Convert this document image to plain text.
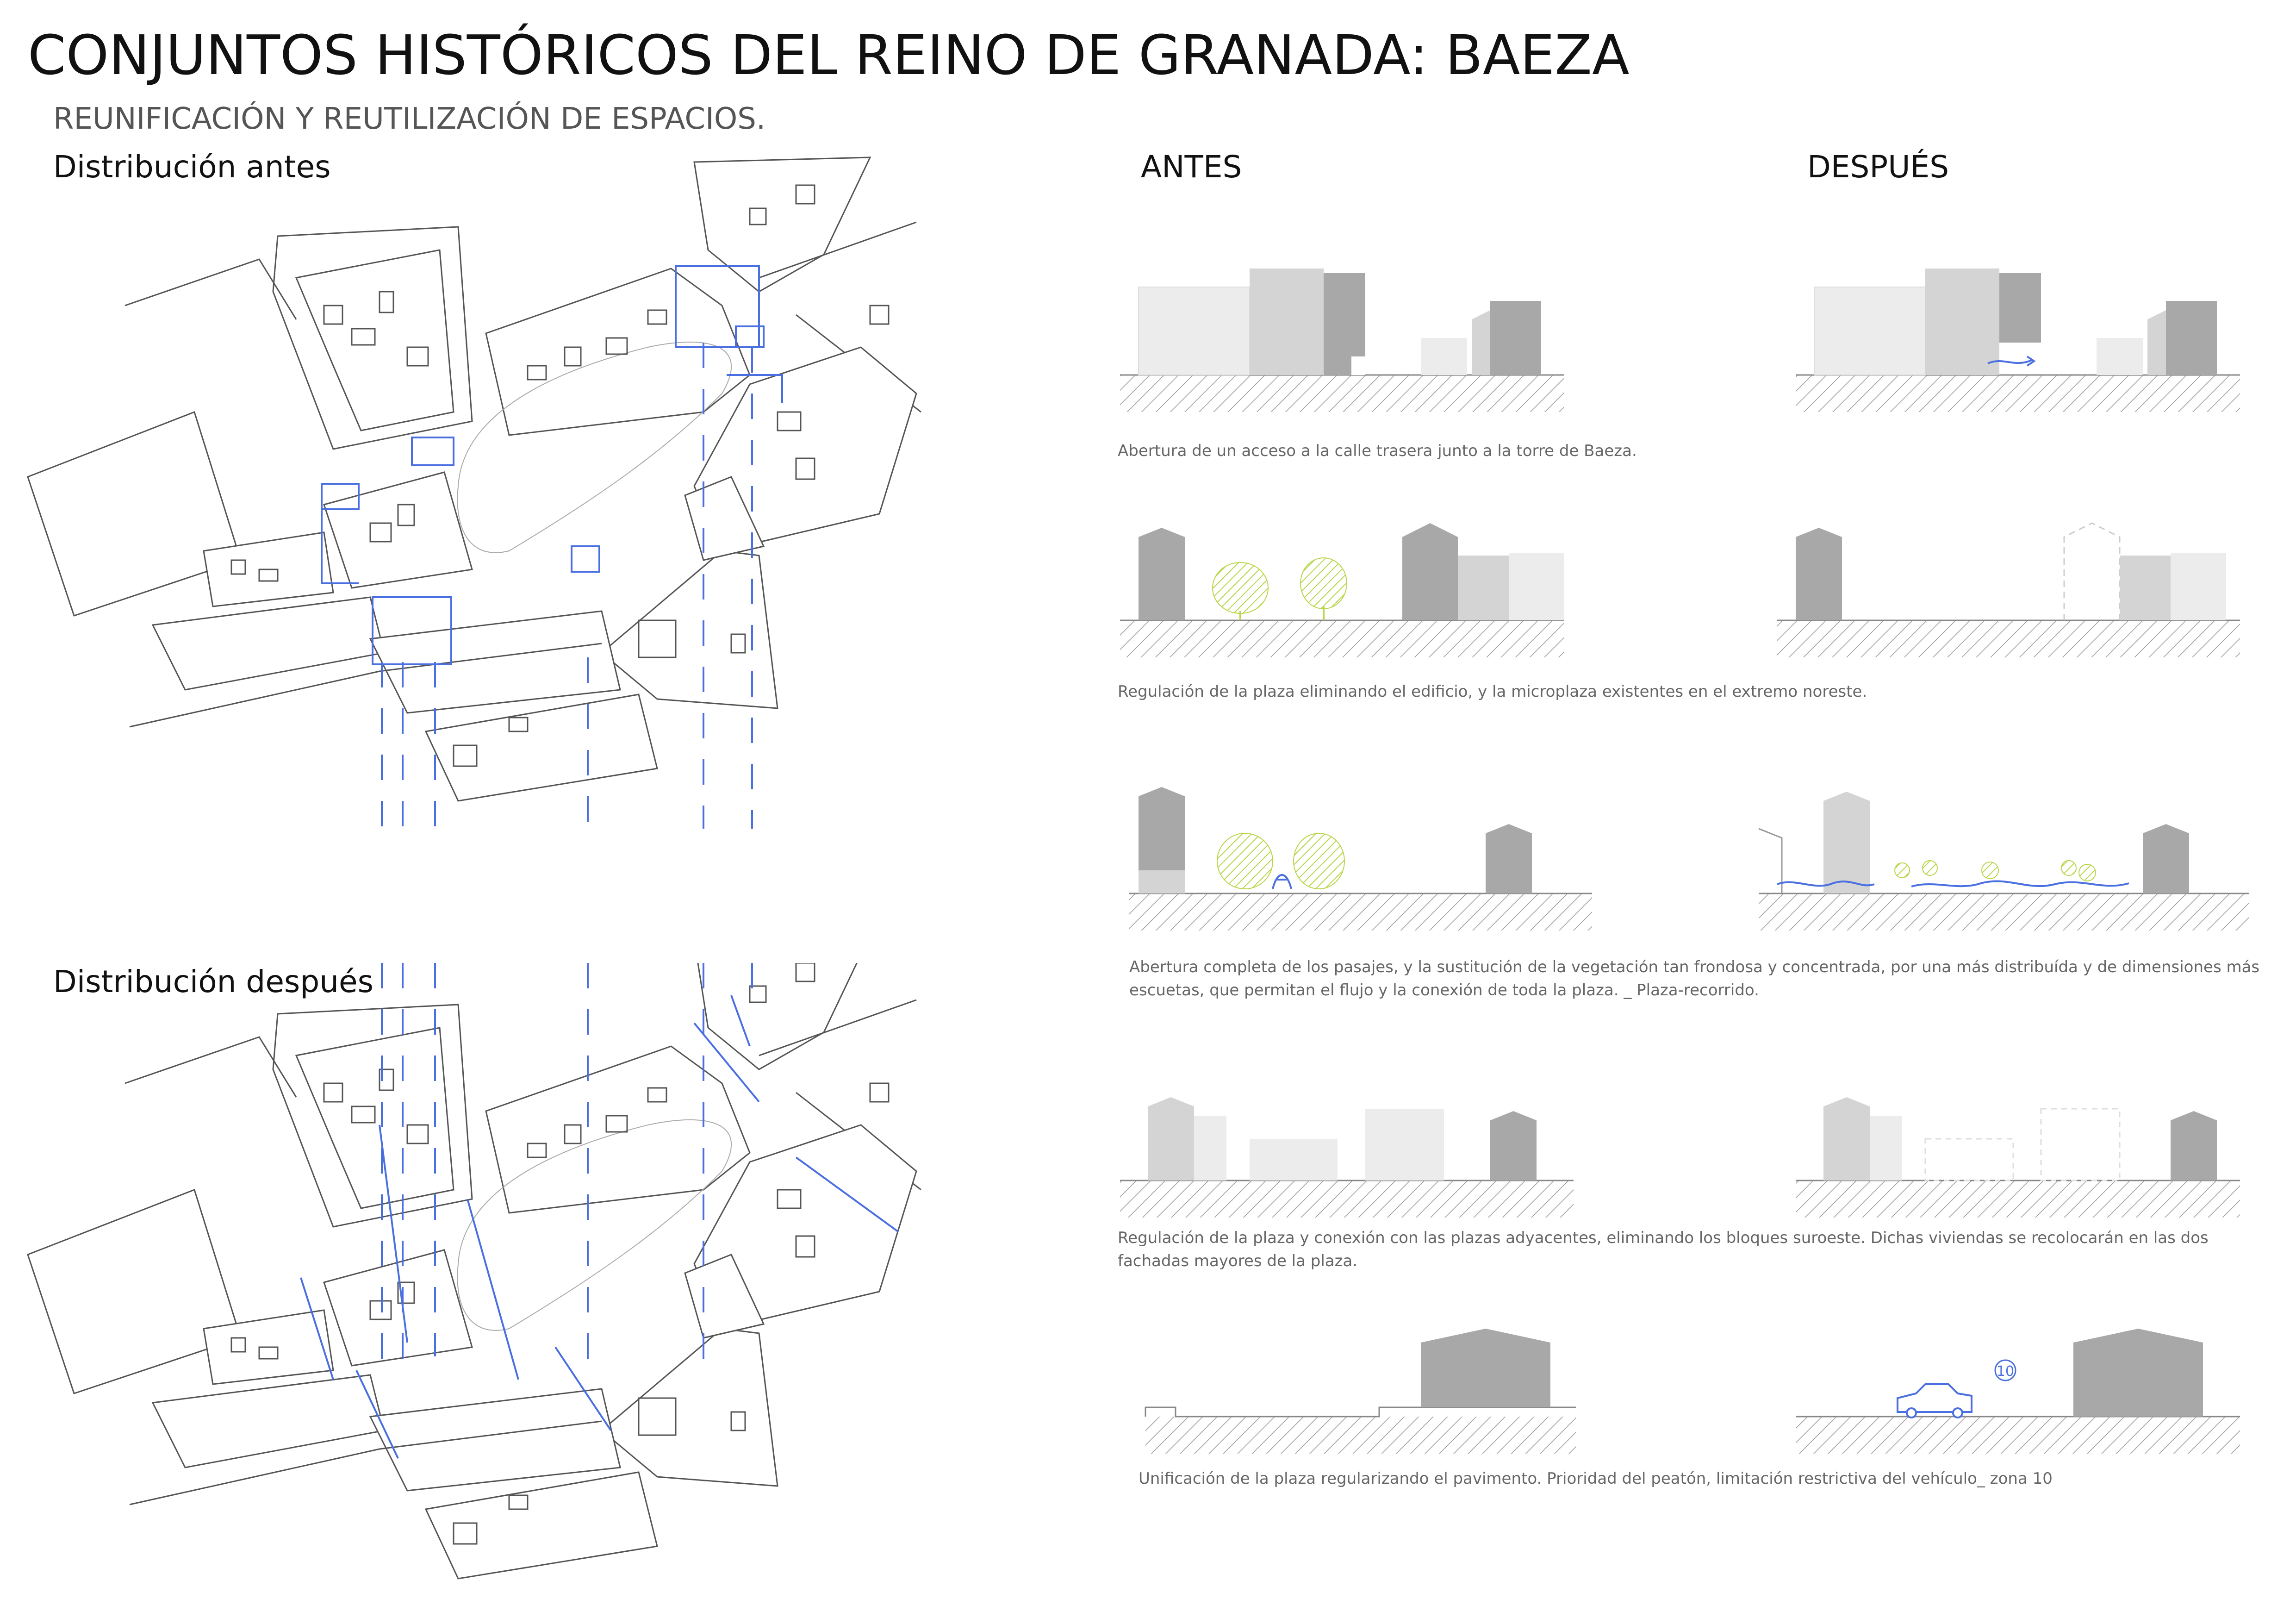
CONJUNTOS HISTÓRICOS DEL REINO DE GRANADA: BAEZA
REUNIFICACIÓN Y REUTILIZACIÓN DE ESPACIOS.
Distribución antes
Distribución después
ANTES	DESPUÉS
Abertura de un acceso a la calle trasera junto a la torre de Baeza.
Regulación de la plaza eliminando el edificio, y la microplaza existentes en el extremo noreste.
Abertura completa de los pasajes, y la sustitución de la vegetación tan frondosa y concentrada, por una más distribuída y de dimensiones más escuetas, que permitan el flujo y la conexión de toda la plaza. _ Plaza-recorrido.
Regulación de la plaza y conexión con las plazas adyacentes, eliminando los bloques suroeste. Dichas viviendas se recolocarán en las dos fachadas mayores de la plaza.
10
Unificación de la plaza regularizando el pavimento. Prioridad del peatón, limitación restrictiva del vehículo_ zona 10
